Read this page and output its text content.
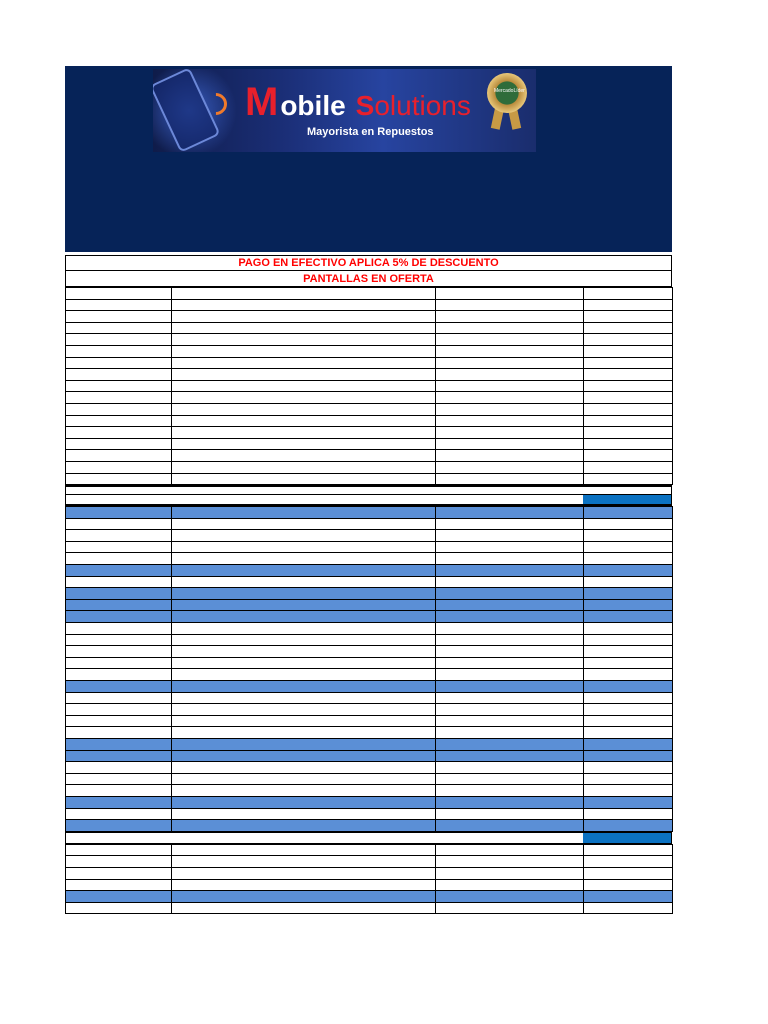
M obile S olutions
Mayorista en Repuestos
MercadoLíder
PAGO EN EFECTIVO APLICA 5% DE DESCUENTO
PANTALLAS EN OFERTA
